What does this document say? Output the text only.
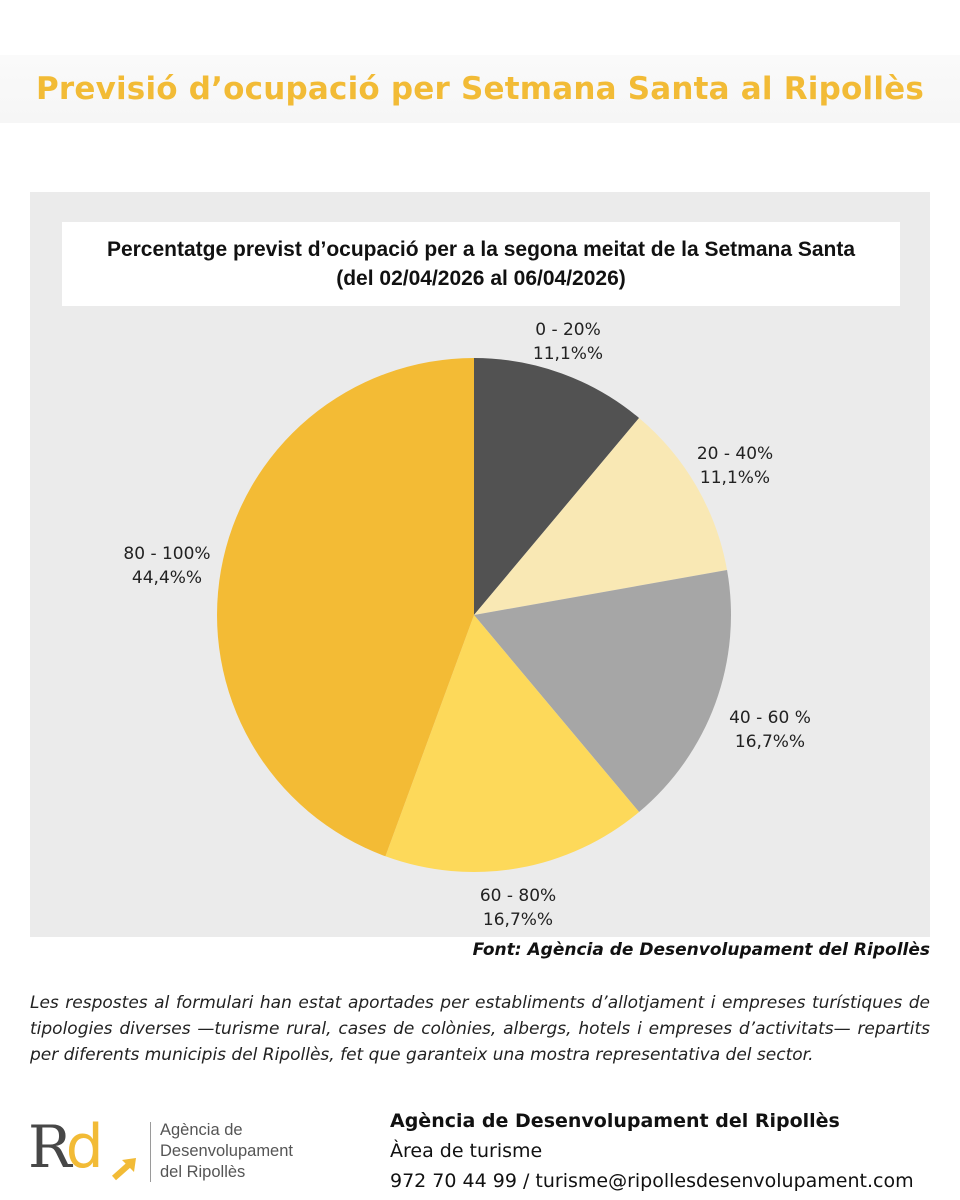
Previsió d’ocupació per Setmana Santa al Ripollès
Percentatge previst d’ocupació per a la segona meitat de la Setmana Santa
(del 02/04/2026 al 06/04/2026)
0 - 20%
11,1%%
20 - 40%
11,1%%
40 - 60 %
16,7%%
60 - 80%
16,7%%
80 - 100%
44,4%%
Font: Agència de Desenvolupament del Ripollès
Les respostes al formulari han estat aportades per establiments d’allotjament i empreses turístiques de tipologies diverses —turisme rural, cases de colònies, albergs, hotels i empreses d’activitats— repartits per diferents municipis del Ripollès, fet que garanteix una mostra representativa del sector.
Rd	Agència de
Desenvolupament
del Ripollès
Agència de Desenvolupament del Ripollès
Àrea de turisme
972 70 44 99 / turisme@ripollesdesenvolupament.com
